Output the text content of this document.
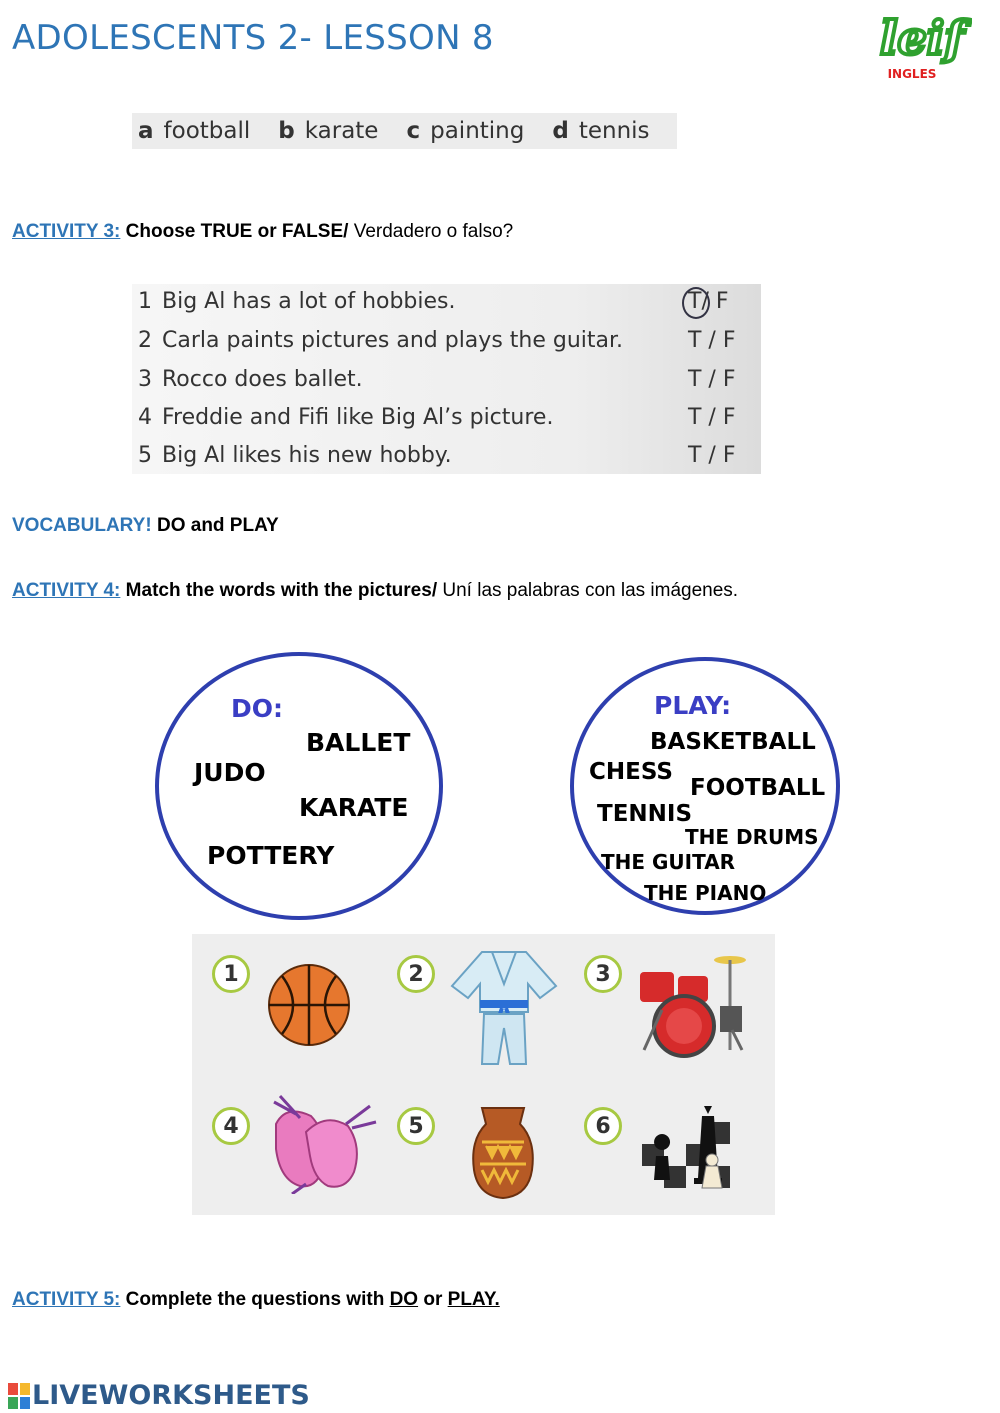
ADOLESCENTS 2- LESSON 8	leif
INGLES
a football b karate c painting d tennis
ACTIVITY 3: Choose TRUE or FALSE/ Verdadero o falso?
1 Big Al has a lot of hobbies.	T/ F
2 Carla paints pictures and plays the guitar.	T / F
3 Rocco does ballet.	T / F
4 Freddie and Fifi like Big Al’s picture.	T / F
5 Big Al likes his new hobby.	T / F
VOCABULARY! DO and PLAY
ACTIVITY 4: Match the words with the pictures/ Uní las palabras con las imágenes.
DO:
BALLET
JUDO
KARATE
POTTERY
PLAY:
BASKETBALL
CHESS
FOOTBALL
TENNIS
THE DRUMS
THE GUITAR
THE PIANO
1	2	3
4	5	6
ACTIVITY 5: Complete the questions with DO or PLAY.
LIVEWORKSHEETS
